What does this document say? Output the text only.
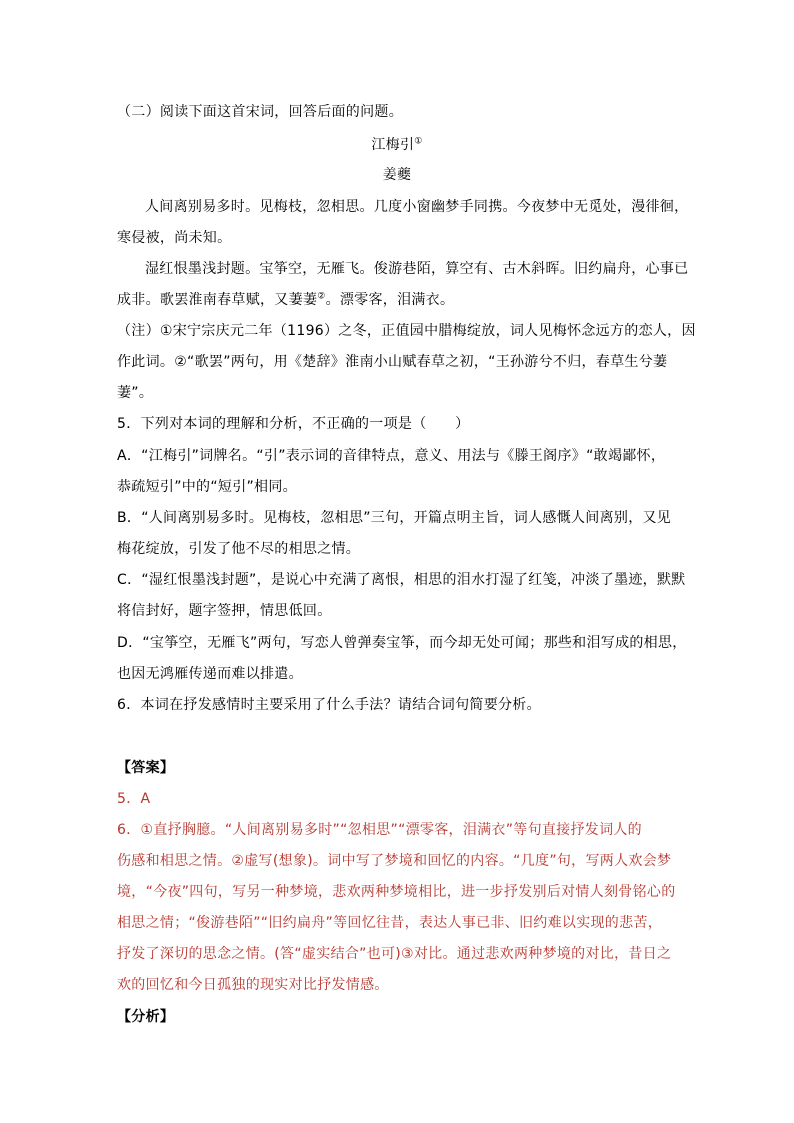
（二）阅读下面这首宋词，回答后面的问题。
江梅引①
姜夔
人间离别易多时。见梅枝，忽相思。几度小窗幽梦手同携。今夜梦中无觅处，漫徘徊，
寒侵被，尚未知。
湿红恨墨浅封题。宝筝空，无雁飞。俊游巷陌，算空有、古木斜晖。旧约扁舟，心事已
成非。歌罢淮南春草赋，又萋萋②。漂零客，泪满衣。
（注）①宋宁宗庆元二年（1196）之冬，正值园中腊梅绽放，词人见梅怀念远方的恋人，因
作此词。②“歌罢”两句，用《楚辞》淮南小山赋春草之初，“王孙游兮不归，春草生兮萋
萋”。
5．下列对本词的理解和分析，不正确的一项是（　　）
A．“江梅引”词牌名。“引”表示词的音律特点，意义、用法与《滕王阁序》“敢竭鄙怀，
恭疏短引”中的“短引”相同。
B．“人间离别易多时。见梅枝，忽相思”三句，开篇点明主旨，词人感慨人间离别，又见
梅花绽放，引发了他不尽的相思之情。
C．“湿红恨墨浅封题”，是说心中充满了离恨，相思的泪水打湿了红笺，冲淡了墨迹，默默
将信封好，题字签押，情思低回。
D．“宝筝空，无雁飞”两句，写恋人曾弹奏宝筝，而今却无处可闻；那些和泪写成的相思，
也因无鸿雁传递而难以排遣。
6．本词在抒发感情时主要采用了什么手法？请结合词句简要分析。
【答案】
5．A
6．①直抒胸臆。“人间离别易多时”“忽相思”“漂零客，泪满衣”等句直接抒发词人的
伤感和相思之情。②虚写(想象)。词中写了梦境和回忆的内容。“几度”句，写两人欢会梦
境，“今夜”四句，写另一种梦境，悲欢两种梦境相比，进一步抒发别后对情人刻骨铭心的
相思之情；“俊游巷陌”“旧约扁舟”等回忆往昔，表达人事已非、旧约难以实现的悲苦，
抒发了深切的思念之情。(答“虚实结合”也可)③对比。通过悲欢两种梦境的对比，昔日之
欢的回忆和今日孤独的现实对比抒发情感。
【分析】
